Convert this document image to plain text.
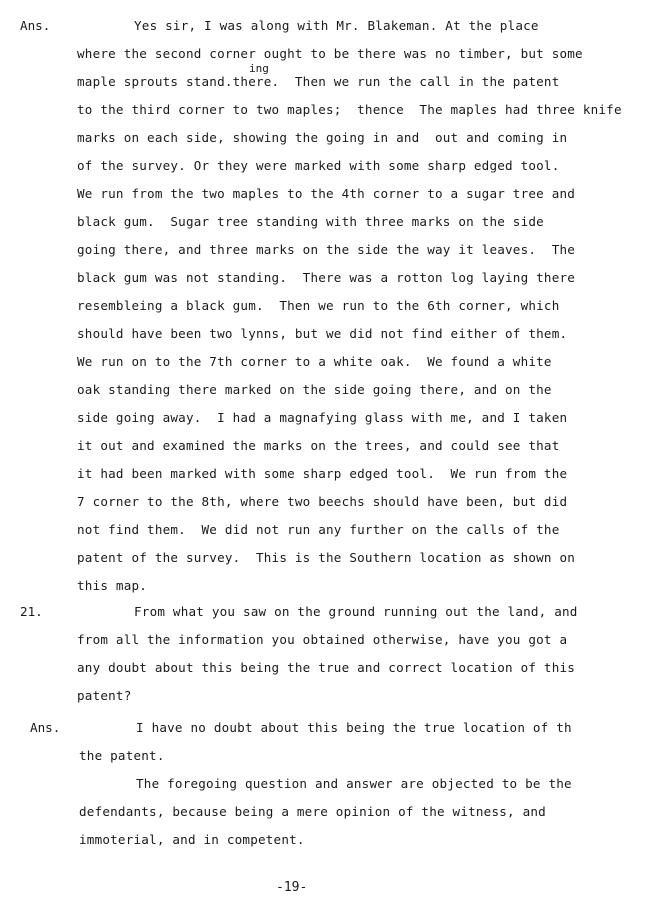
Ans.
ing
Yes sir, I was along with Mr. Blakeman. At the place
where the second corner ought to be there was no timber, but some
maple sprouts stand.there.  Then we run the call in the patent
to the third corner to two maples;  thence  The maples had three knife
marks on each side, showing the going in and  out and coming in
of the survey. Or they were marked with some sharp edged tool.
We run from the two maples to the 4th corner to a sugar tree and
black gum.  Sugar tree standing with three marks on the side
going there, and three marks on the side the way it leaves.  The
black gum was not standing.  There was a rotton log laying there
resembleing a black gum.  Then we run to the 6th corner, which
should have been two lynns, but we did not find either of them.
We run on to the 7th corner to a white oak.  We found a white
oak standing there marked on the side going there, and on the
side going away.  I had a magnafying glass with me, and I taken
it out and examined the marks on the trees, and could see that
it had been marked with some sharp edged tool.  We run from the
7 corner to the 8th, where two beechs should have been, but did
not find them.  We did not run any further on the calls of the
patent of the survey.  This is the Southern location as shown on
this map.
21.	From what you saw on the ground running out the land, and
from all the information you obtained otherwise, have you got a
any doubt about this being the true and correct location of this
patent?
Ans.	I have no doubt about this being the true location of th
the patent.
The foregoing question and answer are objected to be the
defendants, because being a mere opinion of the witness, and
immoterial, and in competent.
-19-
